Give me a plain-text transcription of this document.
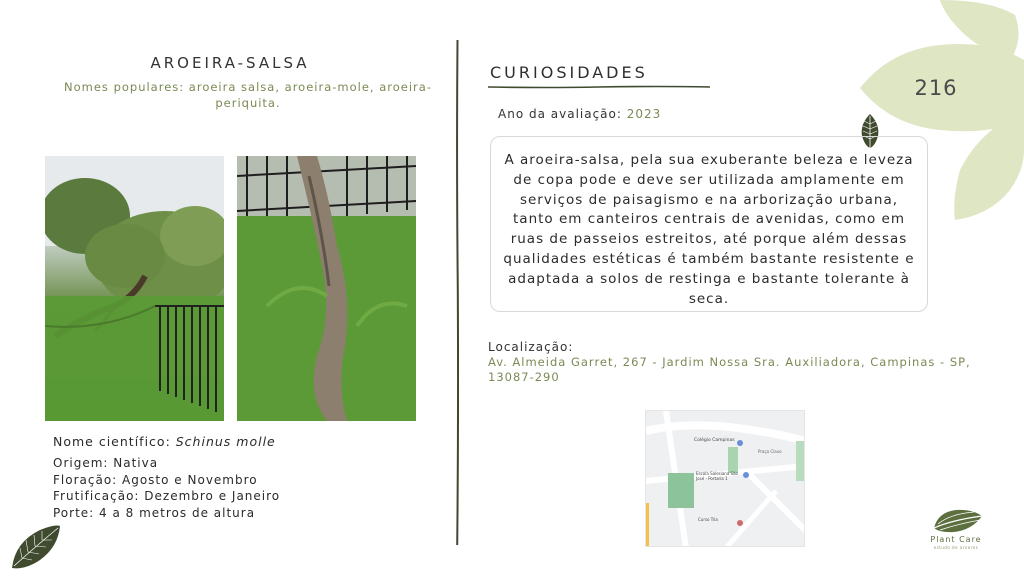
AROEIRA-SALSA
Nomes populares: aroeira salsa, aroeira-mole, aroeira-periquita.
Nome científico: Schinus molle
Origem: Nativa
Floração: Agosto e Novembro
Frutificação: Dezembro e Janeiro
Porte: 4 a 8 metros de altura
CURIOSIDADES
Ano da avaliação: 2023

A aroeira-salsa, pela sua exuberante beleza e leveza de copa pode e deve ser utilizada amplamente em serviços de paisagismo e na arborização urbana, tanto em canteiros centrais de avenidas, como em ruas de passeios estreitos, até porque além dessas qualidades estéticas é também bastante resistente e adaptada a solos de restinga e bastante tolerante à seca.

Localização:
Av. Almeida Garret, 267 - Jardim Nossa Sra. Auxiliadora, Campinas - SP, 13087-290
Colégio Campinas
Escola Salesiana São José - Portaria 1
Praça Clavo
Curso Tria
216
Plant Care
estudo de arvores
